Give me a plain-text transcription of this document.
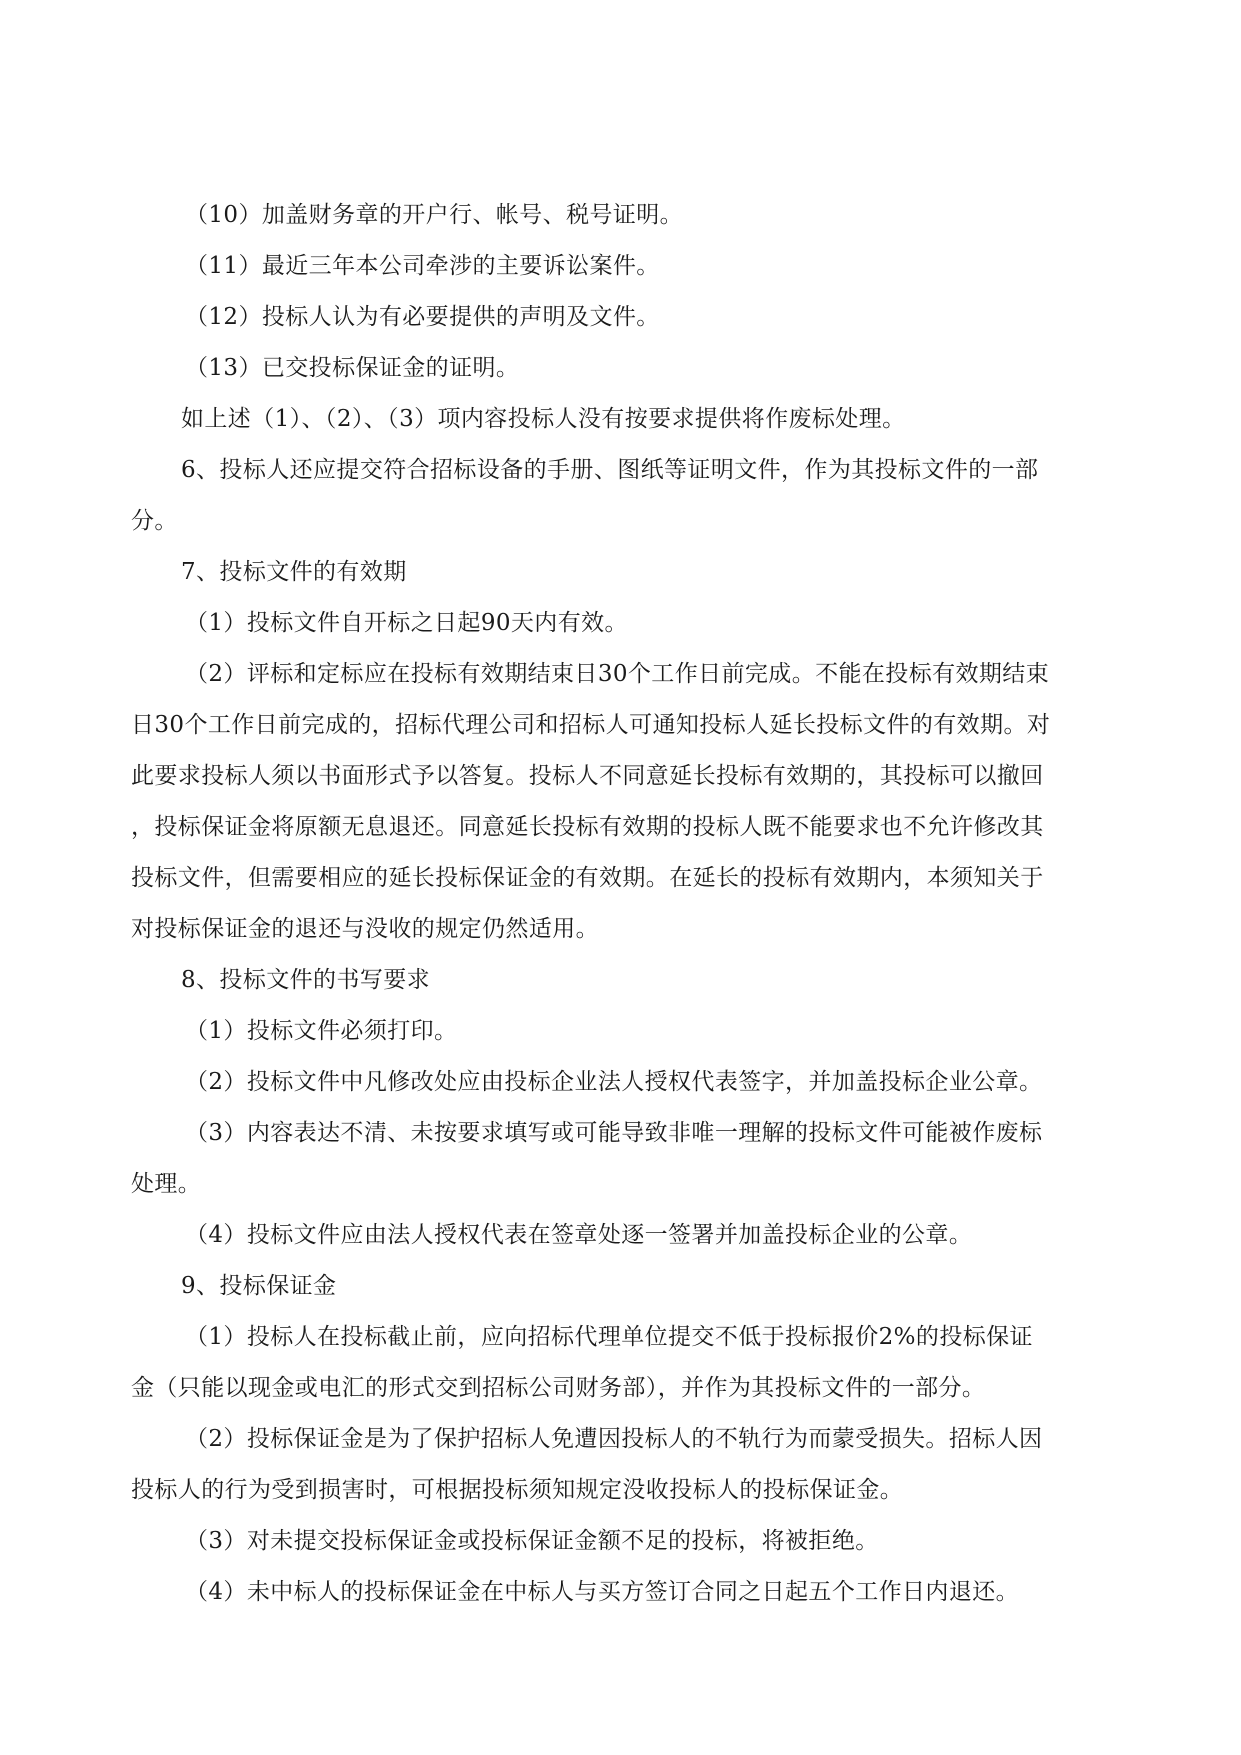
（10）加盖财务章的开户行、帐号、税号证明。

（11）最近三年本公司牵涉的主要诉讼案件。

（12）投标人认为有必要提供的声明及文件。

（13）已交投标保证金的证明。

如上述（1）、（2）、（3）项内容投标人没有按要求提供将作废标处理。

6、投标人还应提交符合招标设备的手册、图纸等证明文件，作为其投标文件的一部
分。

7、投标文件的有效期

（1）投标文件自开标之日起90天内有效。

（2）评标和定标应在投标有效期结束日30个工作日前完成。不能在投标有效期结束
日30个工作日前完成的，招标代理公司和招标人可通知投标人延长投标文件的有效期。对
此要求投标人须以书面形式予以答复。投标人不同意延长投标有效期的，其投标可以撤回
，投标保证金将原额无息退还。同意延长投标有效期的投标人既不能要求也不允许修改其
投标文件，但需要相应的延长投标保证金的有效期。在延长的投标有效期内，本须知关于
对投标保证金的退还与没收的规定仍然适用。

8、投标文件的书写要求

（1）投标文件必须打印。

（2）投标文件中凡修改处应由投标企业法人授权代表签字，并加盖投标企业公章。

（3）内容表达不清、未按要求填写或可能导致非唯一理解的投标文件可能被作废标
处理。

（4）投标文件应由法人授权代表在签章处逐一签署并加盖投标企业的公章。

9、投标保证金

（1）投标人在投标截止前，应向招标代理单位提交不低于投标报价2%的投标保证
金（只能以现金或电汇的形式交到招标公司财务部），并作为其投标文件的一部分。

（2）投标保证金是为了保护招标人免遭因投标人的不轨行为而蒙受损失。招标人因
投标人的行为受到损害时，可根据投标须知规定没收投标人的投标保证金。

（3）对未提交投标保证金或投标保证金额不足的投标，将被拒绝。

（4）未中标人的投标保证金在中标人与买方签订合同之日起五个工作日内退还。
